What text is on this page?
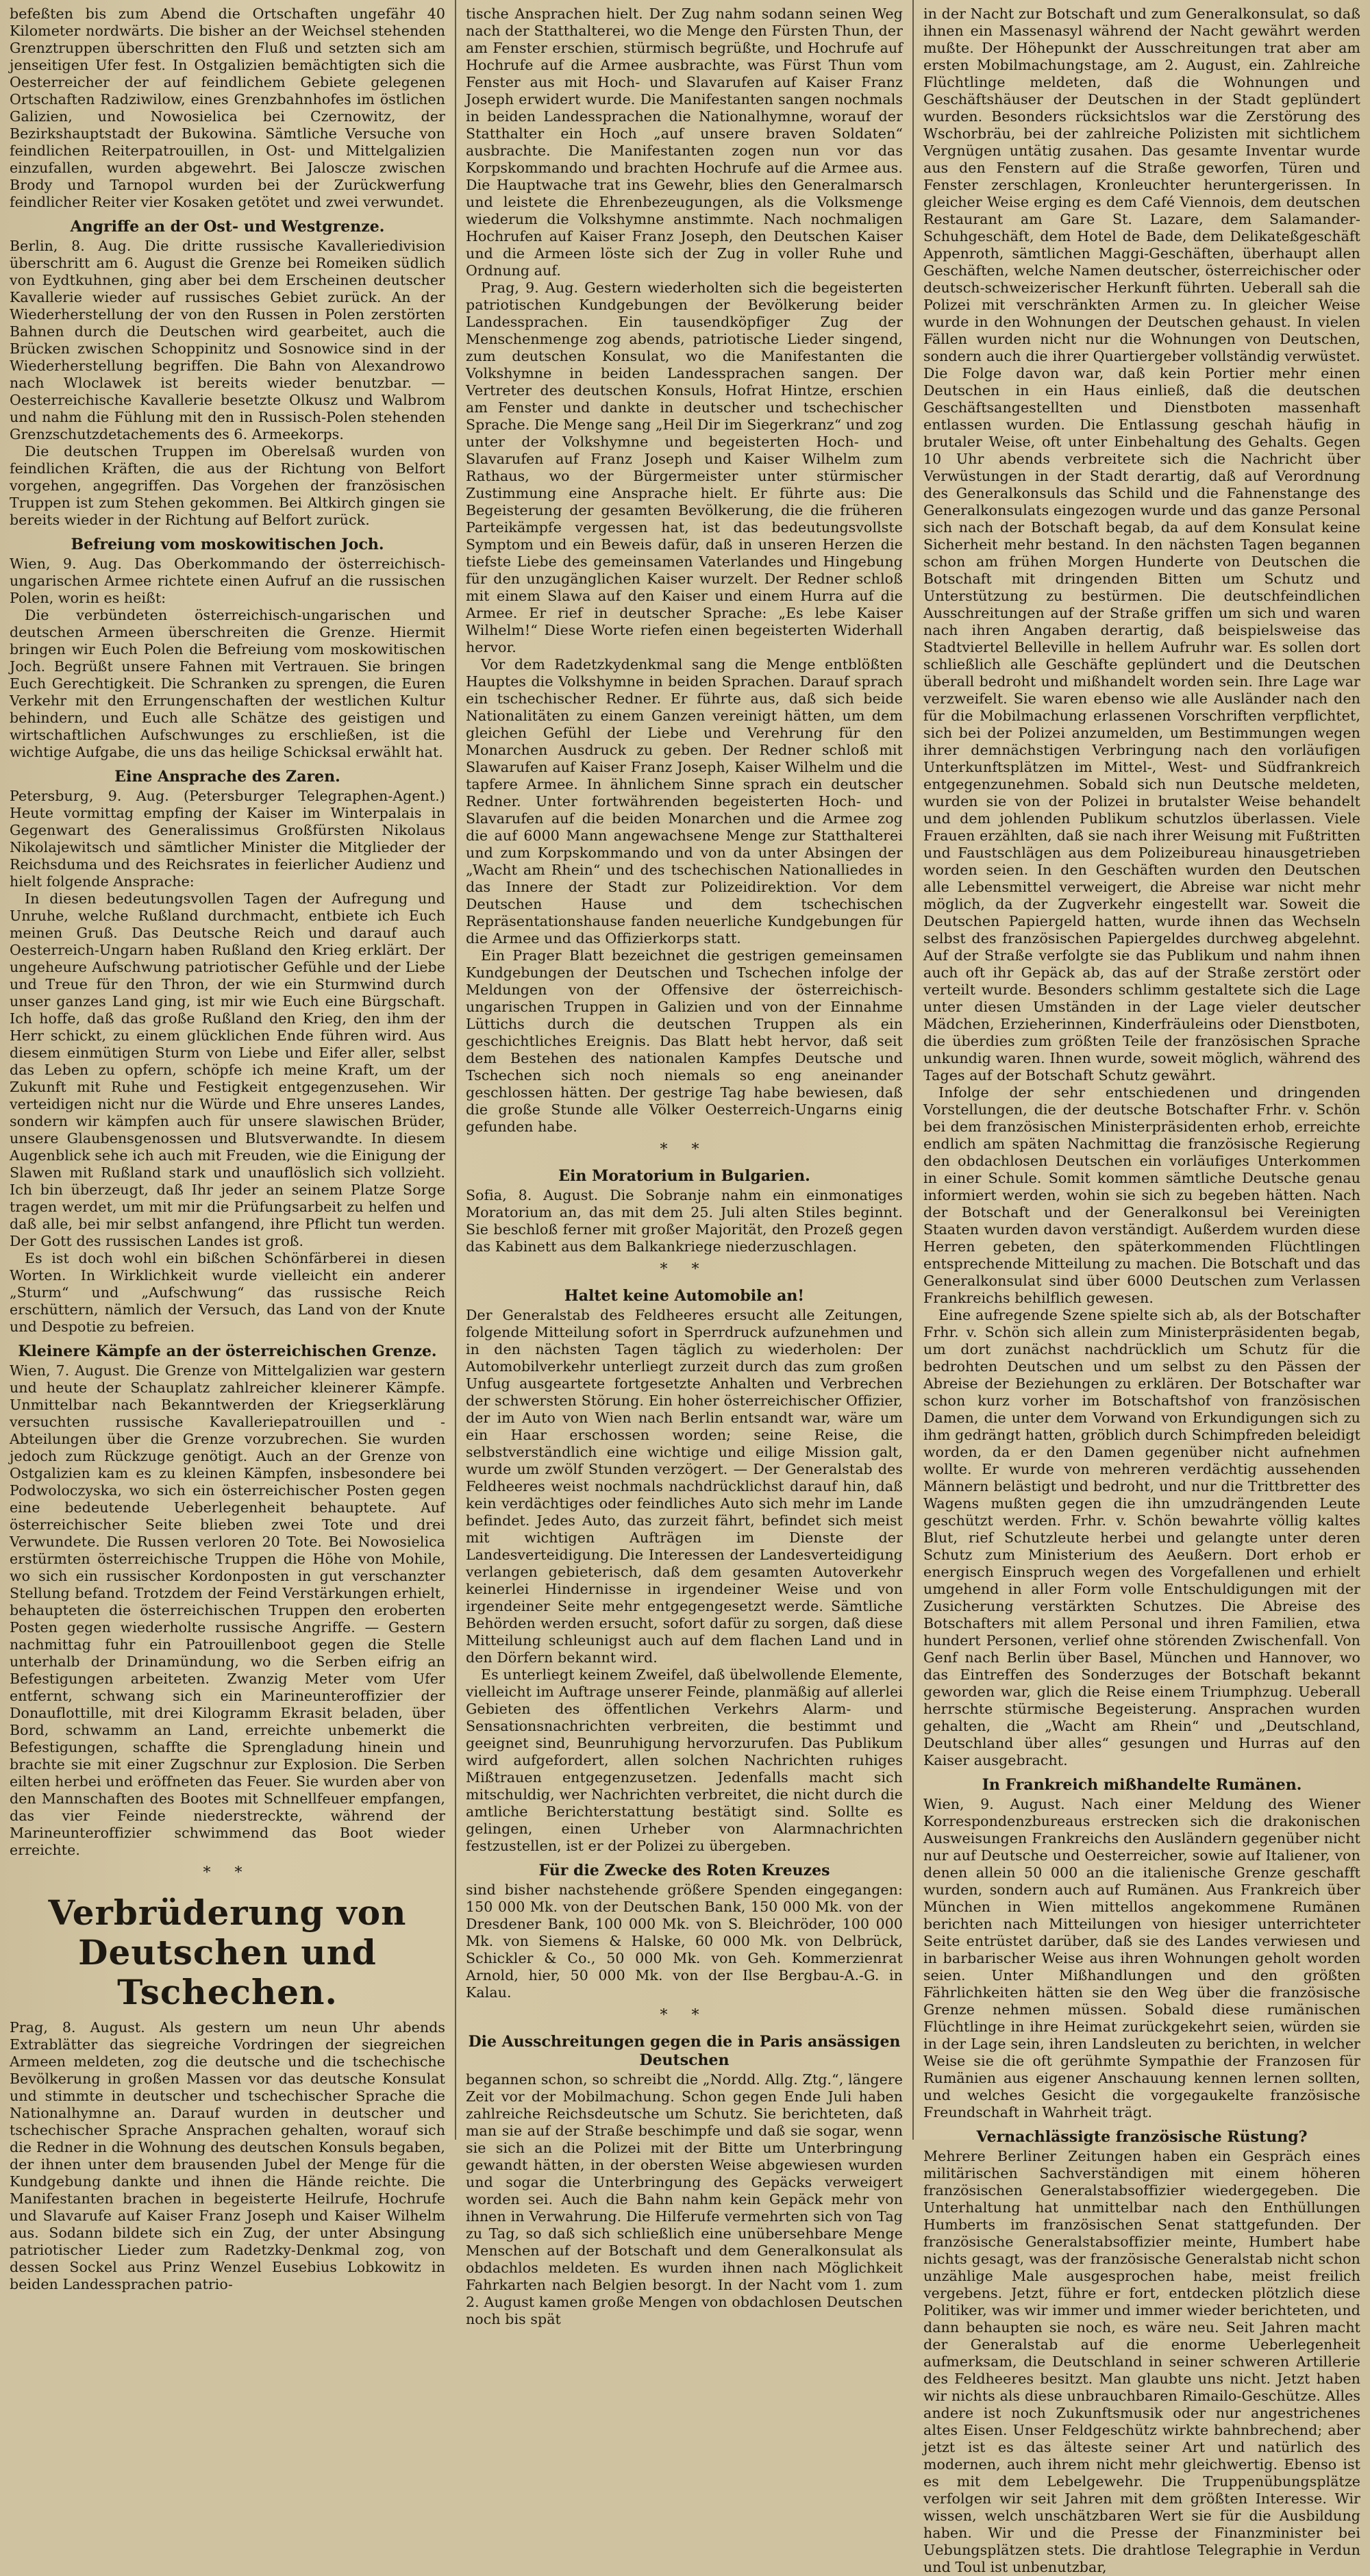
befeßten bis zum Abend die Ortschaften ungefähr 40 Kilometer nordwärts. Die bisher an der Weichsel stehenden Grenztruppen überschritten den Fluß und setzten sich am jenseitigen Ufer fest. In Ostgalizien bemächtigten sich die Oesterreicher der auf feindlichem Gebiete gelegenen Ortschaften Radziwilow, eines Grenzbahnhofes im östlichen Galizien, und Nowosielica bei Czernowitz, der Bezirkshauptstadt der Bukowina. Sämtliche Versuche von feindlichen Reiterpatrouillen, in Ost- und Mittelgalizien einzufallen, wurden abgewehrt. Bei Jaloscze zwischen Brody und Tarnopol wurden bei der Zurückwerfung feindlicher Reiter vier Kosaken getötet und zwei verwundet.

Angriffe an der Ost- und Westgrenze.

Berlin, 8. Aug. Die dritte russische Kavalleriedivision überschritt am 6. August die Grenze bei Romeiken südlich von Eydtkuhnen, ging aber bei dem Erscheinen deutscher Kavallerie wieder auf russisches Gebiet zurück. An der Wiederherstellung der von den Russen in Polen zerstörten Bahnen durch die Deutschen wird gearbeitet, auch die Brücken zwischen Schoppinitz und Sosnowice sind in der Wiederherstellung begriffen. Die Bahn von Alexandrowo nach Wloclawek ist bereits wieder benutzbar. — Oesterreichische Kavallerie besetzte Olkusz und Walbrom und nahm die Fühlung mit den in Russisch-Polen stehenden Grenzschutzdetachements des 6. Armeekorps.

Die deutschen Truppen im Oberelsaß wurden von feindlichen Kräften, die aus der Richtung von Belfort vorgehen, angegriffen. Das Vorgehen der französischen Truppen ist zum Stehen gekommen. Bei Altkirch gingen sie bereits wieder in der Richtung auf Belfort zurück.

Befreiung vom moskowitischen Joch.

Wien, 9. Aug. Das Oberkommando der österreichisch-ungarischen Armee richtete einen Aufruf an die russischen Polen, worin es heißt:

Die verbündeten österreichisch-ungarischen und deutschen Armeen überschreiten die Grenze. Hiermit bringen wir Euch Polen die Befreiung vom moskowitischen Joch. Begrüßt unsere Fahnen mit Vertrauen. Sie bringen Euch Gerechtigkeit. Die Schranken zu sprengen, die Euren Verkehr mit den Errungenschaften der westlichen Kultur behindern, und Euch alle Schätze des geistigen und wirtschaftlichen Aufschwunges zu erschließen, ist die wichtige Aufgabe, die uns das heilige Schicksal erwählt hat.

Eine Ansprache des Zaren.

Petersburg, 9. Aug. (Petersburger Telegraphen-Agent.) Heute vormittag empfing der Kaiser im Winterpalais in Gegenwart des Generalissimus Großfürsten Nikolaus Nikolajewitsch und sämtlicher Minister die Mitglieder der Reichsduma und des Reichsrates in feierlicher Audienz und hielt folgende Ansprache:

In diesen bedeutungsvollen Tagen der Aufregung und Unruhe, welche Rußland durchmacht, entbiete ich Euch meinen Gruß. Das Deutsche Reich und darauf auch Oesterreich-Ungarn haben Rußland den Krieg erklärt. Der ungeheure Aufschwung patriotischer Gefühle und der Liebe und Treue für den Thron, der wie ein Sturmwind durch unser ganzes Land ging, ist mir wie Euch eine Bürgschaft. Ich hoffe, daß das große Rußland den Krieg, den ihm der Herr schickt, zu einem glücklichen Ende führen wird. Aus diesem einmütigen Sturm von Liebe und Eifer aller, selbst das Leben zu opfern, schöpfe ich meine Kraft, um der Zukunft mit Ruhe und Festigkeit entgegenzusehen. Wir verteidigen nicht nur die Würde und Ehre unseres Landes, sondern wir kämpfen auch für unsere slawischen Brüder, unsere Glaubensgenossen und Blutsverwandte. In diesem Augenblick sehe ich auch mit Freuden, wie die Einigung der Slawen mit Rußland stark und unauflöslich sich vollzieht. Ich bin überzeugt, daß Ihr jeder an seinem Platze Sorge tragen werdet, um mit mir die Prüfungsarbeit zu helfen und daß alle, bei mir selbst anfangend, ihre Pflicht tun werden. Der Gott des russischen Landes ist groß.

Es ist doch wohl ein bißchen Schönfärberei in diesen Worten. In Wirklichkeit wurde vielleicht ein anderer „Sturm“ und „Aufschwung“ das russische Reich erschüttern, nämlich der Versuch, das Land von der Knute und Despotie zu befreien.

Kleinere Kämpfe an der österreichischen Grenze.

Wien, 7. August. Die Grenze von Mittelgalizien war gestern und heute der Schauplatz zahlreicher kleinerer Kämpfe. Unmittelbar nach Bekanntwerden der Kriegserklärung versuchten russische Kavalleriepatrouillen und -Abteilungen über die Grenze vorzubrechen. Sie wurden jedoch zum Rückzuge genötigt. Auch an der Grenze von Ostgalizien kam es zu kleinen Kämpfen, insbesondere bei Podwoloczyska, wo sich ein österreichischer Posten gegen eine bedeutende Ueberlegenheit behauptete. Auf österreichischer Seite blieben zwei Tote und drei Verwundete. Die Russen verloren 20 Tote. Bei Nowosielica erstürmten österreichische Truppen die Höhe von Mohile, wo sich ein russischer Kordonposten in gut verschanzter Stellung befand. Trotzdem der Feind Verstärkungen erhielt, behaupteten die österreichischen Truppen den eroberten Posten gegen wiederholte russische Angriffe. — Gestern nachmittag fuhr ein Patrouillenboot gegen die Stelle unterhalb der Drinamündung, wo die Serben eifrig an Befestigungen arbeiteten. Zwanzig Meter vom Ufer entfernt, schwang sich ein Marineunteroffizier der Donauflottille, mit drei Kilogramm Ekrasit beladen, über Bord, schwamm an Land, erreichte unbemerkt die Befestigungen, schaffte die Sprengladung hinein und brachte sie mit einer Zugschnur zur Explosion. Die Serben eilten herbei und eröffneten das Feuer. Sie wurden aber von den Mannschaften des Bootes mit Schnellfeuer empfangen, das vier Feinde niederstreckte, während der Marineunteroffizier schwimmend das Boot wieder erreichte.

* *
Verbrüderung von Deutschen und Tschechen.

Prag, 8. August. Als gestern um neun Uhr abends Extrablätter das siegreiche Vordringen der siegreichen Armeen meldeten, zog die deutsche und die tschechische Bevölkerung in großen Massen vor das deutsche Konsulat und stimmte in deutscher und tschechischer Sprache die Nationalhymne an. Darauf wurden in deutscher und tschechischer Sprache Ansprachen gehalten, worauf sich die Redner in die Wohnung des deutschen Konsuls begaben, der ihnen unter dem brausenden Jubel der Menge für die Kundgebung dankte und ihnen die Hände reichte. Die Manifestanten brachen in begeisterte Heilrufe, Hochrufe und Slavarufe auf Kaiser Franz Joseph und Kaiser Wilhelm aus. Sodann bildete sich ein Zug, der unter Absingung patriotischer Lieder zum Radetzky-Denkmal zog, von dessen Sockel aus Prinz Wenzel Eusebius Lobkowitz in beiden Landessprachen patrio-

tische Ansprachen hielt. Der Zug nahm sodann seinen Weg nach der Statthalterei, wo die Menge den Fürsten Thun, der am Fenster erschien, stürmisch begrüßte, und Hochrufe auf Hochrufe auf die Armee ausbrachte, was Fürst Thun vom Fenster aus mit Hoch- und Slavarufen auf Kaiser Franz Joseph erwidert wurde. Die Manifestanten sangen nochmals in beiden Landessprachen die Nationalhymne, worauf der Statthalter ein Hoch „auf unsere braven Soldaten“ ausbrachte. Die Manifestanten zogen nun vor das Korpskommando und brachten Hochrufe auf die Armee aus. Die Hauptwache trat ins Gewehr, blies den Generalmarsch und leistete die Ehrenbezeugungen, als die Volksmenge wiederum die Volkshymne anstimmte. Nach nochmaligen Hochrufen auf Kaiser Franz Joseph, den Deutschen Kaiser und die Armeen löste sich der Zug in voller Ruhe und Ordnung auf.

Prag, 9. Aug. Gestern wiederholten sich die begeisterten patriotischen Kundgebungen der Bevölkerung beider Landessprachen. Ein tausendköpfiger Zug der Menschenmenge zog abends, patriotische Lieder singend, zum deutschen Konsulat, wo die Manifestanten die Volkshymne in beiden Landessprachen sangen. Der Vertreter des deutschen Konsuls, Hofrat Hintze, erschien am Fenster und dankte in deutscher und tschechischer Sprache. Die Menge sang „Heil Dir im Siegerkranz“ und zog unter der Volkshymne und begeisterten Hoch- und Slavarufen auf Franz Joseph und Kaiser Wilhelm zum Rathaus, wo der Bürgermeister unter stürmischer Zustimmung eine Ansprache hielt. Er führte aus: Die Begeisterung der gesamten Bevölkerung, die die früheren Parteikämpfe vergessen hat, ist das bedeutungsvollste Symptom und ein Beweis dafür, daß in unseren Herzen die tiefste Liebe des gemeinsamen Vaterlandes und Hingebung für den unzugänglichen Kaiser wurzelt. Der Redner schloß mit einem Slawa auf den Kaiser und einem Hurra auf die Armee. Er rief in deutscher Sprache: „Es lebe Kaiser Wilhelm!“ Diese Worte riefen einen begeisterten Widerhall hervor.

Vor dem Radetzkydenkmal sang die Menge entblößten Hauptes die Volkshymne in beiden Sprachen. Darauf sprach ein tschechischer Redner. Er führte aus, daß sich beide Nationalitäten zu einem Ganzen vereinigt hätten, um dem gleichen Gefühl der Liebe und Verehrung für den Monarchen Ausdruck zu geben. Der Redner schloß mit Slawarufen auf Kaiser Franz Joseph, Kaiser Wilhelm und die tapfere Armee. In ähnlichem Sinne sprach ein deutscher Redner. Unter fortwährenden begeisterten Hoch- und Slavarufen auf die beiden Monarchen und die Armee zog die auf 6000 Mann angewachsene Menge zur Statthalterei und zum Korpskommando und von da unter Absingen der „Wacht am Rhein“ und des tschechischen Nationalliedes in das Innere der Stadt zur Polizeidirektion. Vor dem Deutschen Hause und dem tschechischen Repräsentationshause fanden neuerliche Kundgebungen für die Armee und das Offizierkorps statt.

Ein Prager Blatt bezeichnet die gestrigen gemeinsamen Kundgebungen der Deutschen und Tschechen infolge der Meldungen von der Offensive der österreichisch-ungarischen Truppen in Galizien und von der Einnahme Lüttichs durch die deutschen Truppen als ein geschichtliches Ereignis. Das Blatt hebt hervor, daß seit dem Bestehen des nationalen Kampfes Deutsche und Tschechen sich noch niemals so eng aneinander geschlossen hätten. Der gestrige Tag habe bewiesen, daß die große Stunde alle Völker Oesterreich-Ungarns einig gefunden habe.

* *
Ein Moratorium in Bulgarien.

Sofia, 8. August. Die Sobranje nahm ein einmonatiges Moratorium an, das mit dem 25. Juli alten Stiles beginnt. Sie beschloß ferner mit großer Majorität, den Prozeß gegen das Kabinett aus dem Balkankriege niederzuschlagen.

* *
Haltet keine Automobile an!

Der Generalstab des Feldheeres ersucht alle Zeitungen, folgende Mitteilung sofort in Sperrdruck aufzunehmen und in den nächsten Tagen täglich zu wiederholen: Der Automobilverkehr unterliegt zurzeit durch das zum großen Unfug ausgeartete fortgesetzte Anhalten und Verbrechen der schwersten Störung. Ein hoher österreichischer Offizier, der im Auto von Wien nach Berlin entsandt war, wäre um ein Haar erschossen worden; seine Reise, die selbstverständlich eine wichtige und eilige Mission galt, wurde um zwölf Stunden verzögert. — Der Generalstab des Feldheeres weist nochmals nachdrücklichst darauf hin, daß kein verdächtiges oder feindliches Auto sich mehr im Lande befindet. Jedes Auto, das zurzeit fährt, befindet sich meist mit wichtigen Aufträgen im Dienste der Landesverteidigung. Die Interessen der Landesverteidigung verlangen gebieterisch, daß dem gesamten Autoverkehr keinerlei Hindernisse in irgendeiner Weise und von irgendeiner Seite mehr entgegengesetzt werde. Sämtliche Behörden werden ersucht, sofort dafür zu sorgen, daß diese Mitteilung schleunigst auch auf dem flachen Land und in den Dörfern bekannt wird.

Es unterliegt keinem Zweifel, daß übelwollende Elemente, vielleicht im Auftrage unserer Feinde, planmäßig auf allerlei Gebieten des öffentlichen Verkehrs Alarm- und Sensationsnachrichten verbreiten, die bestimmt und geeignet sind, Beunruhigung hervorzurufen. Das Publikum wird aufgefordert, allen solchen Nachrichten ruhiges Mißtrauen entgegenzusetzen. Jedenfalls macht sich mitschuldig, wer Nachrichten verbreitet, die nicht durch die amtliche Berichterstattung bestätigt sind. Sollte es gelingen, einen Urheber von Alarmnachrichten festzustellen, ist er der Polizei zu übergeben.

Für die Zwecke des Roten Kreuzes

sind bisher nachstehende größere Spenden eingegangen: 150 000 Mk. von der Deutschen Bank, 150 000 Mk. von der Dresdener Bank, 100 000 Mk. von S. Bleichröder, 100 000 Mk. von Siemens & Halske, 60 000 Mk. von Delbrück, Schickler & Co., 50 000 Mk. von Geh. Kommerzienrat Arnold, hier, 50 000 Mk. von der Ilse Bergbau-A.-G. in Kalau.

* *
Die Ausschreitungen gegen die in Paris ansässigen Deutschen

begannen schon, so schreibt die „Nordd. Allg. Ztg.“, längere Zeit vor der Mobilmachung. Schon gegen Ende Juli haben zahlreiche Reichsdeutsche um Schutz. Sie berichteten, daß man sie auf der Straße beschimpfe und daß sie sogar, wenn sie sich an die Polizei mit der Bitte um Unterbringung gewandt hätten, in der obersten Weise abgewiesen wurden und sogar die Unterbringung des Gepäcks verweigert worden sei. Auch die Bahn nahm kein Gepäck mehr von ihnen in Verwahrung. Die Hilferufe vermehrten sich von Tag zu Tag, so daß sich schließlich eine unübersehbare Menge Menschen auf der Botschaft und dem Generalkonsulat als obdachlos meldeten. Es wurden ihnen nach Möglichkeit Fahrkarten nach Belgien besorgt. In der Nacht vom 1. zum 2. August kamen große Mengen von obdachlosen Deutschen noch bis spät

in der Nacht zur Botschaft und zum Generalkonsulat, so daß ihnen ein Massenasyl während der Nacht gewährt werden mußte. Der Höhepunkt der Ausschreitungen trat aber am ersten Mobilmachungstage, am 2. August, ein. Zahlreiche Flüchtlinge meldeten, daß die Wohnungen und Geschäftshäuser der Deutschen in der Stadt geplündert wurden. Besonders rücksichtslos war die Zerstörung des Wschorbräu, bei der zahlreiche Polizisten mit sichtlichem Vergnügen untätig zusahen. Das gesamte Inventar wurde aus den Fenstern auf die Straße geworfen, Türen und Fenster zerschlagen, Kronleuchter heruntergerissen. In gleicher Weise erging es dem Café Viennois, dem deutschen Restaurant am Gare St. Lazare, dem Salamander-Schuhgeschäft, dem Hotel de Bade, dem Delikateßgeschäft Appenroth, sämtlichen Maggi-Geschäften, überhaupt allen Geschäften, welche Namen deutscher, österreichischer oder deutsch-schweizerischer Herkunft führten. Ueberall sah die Polizei mit verschränkten Armen zu. In gleicher Weise wurde in den Wohnungen der Deutschen gehaust. In vielen Fällen wurden nicht nur die Wohnungen von Deutschen, sondern auch die ihrer Quartiergeber vollständig verwüstet. Die Folge davon war, daß kein Portier mehr einen Deutschen in ein Haus einließ, daß die deutschen Geschäftsangestellten und Dienstboten massenhaft entlassen wurden. Die Entlassung geschah häufig in brutaler Weise, oft unter Einbehaltung des Gehalts. Gegen 10 Uhr abends verbreitete sich die Nachricht über Verwüstungen in der Stadt derartig, daß auf Verordnung des Generalkonsuls das Schild und die Fahnenstange des Generalkonsulats eingezogen wurde und das ganze Personal sich nach der Botschaft begab, da auf dem Konsulat keine Sicherheit mehr bestand. In den nächsten Tagen begannen schon am frühen Morgen Hunderte von Deutschen die Botschaft mit dringenden Bitten um Schutz und Unterstützung zu bestürmen. Die deutschfeindlichen Ausschreitungen auf der Straße griffen um sich und waren nach ihren Angaben derartig, daß beispielsweise das Stadtviertel Belleville in hellem Aufruhr war. Es sollen dort schließlich alle Geschäfte geplündert und die Deutschen überall bedroht und mißhandelt worden sein. Ihre Lage war verzweifelt. Sie waren ebenso wie alle Ausländer nach den für die Mobilmachung erlassenen Vorschriften verpflichtet, sich bei der Polizei anzumelden, um Bestimmungen wegen ihrer demnächstigen Verbringung nach den vorläufigen Unterkunftsplätzen im Mittel-, West- und Südfrankreich entgegenzunehmen. Sobald sich nun Deutsche meldeten, wurden sie von der Polizei in brutalster Weise behandelt und dem johlenden Publikum schutzlos überlassen. Viele Frauen erzählten, daß sie nach ihrer Weisung mit Fußtritten und Faustschlägen aus dem Polizeibureau hinausgetrieben worden seien. In den Geschäften wurden den Deutschen alle Lebensmittel verweigert, die Abreise war nicht mehr möglich, da der Zugverkehr eingestellt war. Soweit die Deutschen Papiergeld hatten, wurde ihnen das Wechseln selbst des französischen Papiergeldes durchweg abgelehnt. Auf der Straße verfolgte sie das Publikum und nahm ihnen auch oft ihr Gepäck ab, das auf der Straße zerstört oder verteilt wurde. Besonders schlimm gestaltete sich die Lage unter diesen Umständen in der Lage vieler deutscher Mädchen, Erzieherinnen, Kinderfräuleins oder Dienstboten, die überdies zum größten Teile der französischen Sprache unkundig waren. Ihnen wurde, soweit möglich, während des Tages auf der Botschaft Schutz gewährt.

Infolge der sehr entschiedenen und dringenden Vorstellungen, die der deutsche Botschafter Frhr. v. Schön bei dem französischen Ministerpräsidenten erhob, erreichte endlich am späten Nachmittag die französische Regierung den obdachlosen Deutschen ein vorläufiges Unterkommen in einer Schule. Somit kommen sämtliche Deutsche genau informiert werden, wohin sie sich zu begeben hätten. Nach der Botschaft und der Generalkonsul bei Vereinigten Staaten wurden davon verständigt. Außerdem wurden diese Herren gebeten, den späterkommenden Flüchtlingen entsprechende Mitteilung zu machen. Die Botschaft und das Generalkonsulat sind über 6000 Deutschen zum Verlassen Frankreichs behilflich gewesen.

Eine aufregende Szene spielte sich ab, als der Botschafter Frhr. v. Schön sich allein zum Ministerpräsidenten begab, um dort zunächst nachdrücklich um Schutz für die bedrohten Deutschen und um selbst zu den Pässen der Abreise der Beziehungen zu erklären. Der Botschafter war schon kurz vorher im Botschaftshof von französischen Damen, die unter dem Vorwand von Erkundigungen sich zu ihm gedrängt hatten, gröblich durch Schimpfreden beleidigt worden, da er den Damen gegenüber nicht aufnehmen wollte. Er wurde von mehreren verdächtig aussehenden Männern belästigt und bedroht, und nur die Trittbretter des Wagens mußten gegen die ihn umzudrängenden Leute geschützt werden. Frhr. v. Schön bewahrte völlig kaltes Blut, rief Schutzleute herbei und gelangte unter deren Schutz zum Ministerium des Aeußern. Dort erhob er energisch Einspruch wegen des Vorgefallenen und erhielt umgehend in aller Form volle Entschuldigungen mit der Zusicherung verstärkten Schutzes. Die Abreise des Botschafters mit allem Personal und ihren Familien, etwa hundert Personen, verlief ohne störenden Zwischenfall. Von Genf nach Berlin über Basel, München und Hannover, wo das Eintreffen des Sonderzuges der Botschaft bekannt geworden war, glich die Reise einem Triumphzug. Ueberall herrschte stürmische Begeisterung. Ansprachen wurden gehalten, die „Wacht am Rhein“ und „Deutschland, Deutschland über alles“ gesungen und Hurras auf den Kaiser ausgebracht.

In Frankreich mißhandelte Rumänen.

Wien, 9. August. Nach einer Meldung des Wiener Korrespondenzbureaus erstrecken sich die drakonischen Ausweisungen Frankreichs den Ausländern gegenüber nicht nur auf Deutsche und Oesterreicher, sowie auf Italiener, von denen allein 50 000 an die italienische Grenze geschafft wurden, sondern auch auf Rumänen. Aus Frankreich über München in Wien mittellos angekommene Rumänen berichten nach Mitteilungen von hiesiger unterrichteter Seite entrüstet darüber, daß sie des Landes verwiesen und in barbarischer Weise aus ihren Wohnungen geholt worden seien. Unter Mißhandlungen und den größten Fährlichkeiten hätten sie den Weg über die französische Grenze nehmen müssen. Sobald diese rumänischen Flüchtlinge in ihre Heimat zurückgekehrt seien, würden sie in der Lage sein, ihren Landsleuten zu berichten, in welcher Weise sie die oft gerühmte Sympathie der Franzosen für Rumänien aus eigener Anschauung kennen lernen sollten, und welches Gesicht die vorgegaukelte französische Freundschaft in Wahrheit trägt.

Vernachlässigte französische Rüstung?

Mehrere Berliner Zeitungen haben ein Gespräch eines militärischen Sachverständigen mit einem höheren französischen Generalstabsoffizier wiedergegeben. Die Unterhaltung hat unmittelbar nach den Enthüllungen Humberts im französischen Senat stattgefunden. Der französische Generalstabsoffizier meinte, Humbert habe nichts gesagt, was der französische Generalstab nicht schon unzählige Male ausgesprochen habe, meist freilich vergebens. Jetzt, führe er fort, entdecken plötzlich diese Politiker, was wir immer und immer wieder berichteten, und dann behaupten sie noch, es wäre neu. Seit Jahren macht der Generalstab auf die enorme Ueberlegenheit aufmerksam, die Deutschland in seiner schweren Artillerie des Feldheeres besitzt. Man glaubte uns nicht. Jetzt haben wir nichts als diese unbrauchbaren Rimailo-Geschütze. Alles andere ist noch Zukunftsmusik oder nur angestrichenes altes Eisen. Unser Feldgeschütz wirkte bahnbrechend; aber jetzt ist es das älteste seiner Art und natürlich des modernen, auch ihrem nicht mehr gleichwertig. Ebenso ist es mit dem Lebelgewehr. Die Truppenübungsplätze verfolgen wir seit Jahren mit dem größten Interesse. Wir wissen, welch unschätzbaren Wert sie für die Ausbildung haben. Wir und die Presse der Finanzminister bei Uebungsplätzen stets. Die drahtlose Telegraphie in Verdun und Toul ist unbenutzbar,
